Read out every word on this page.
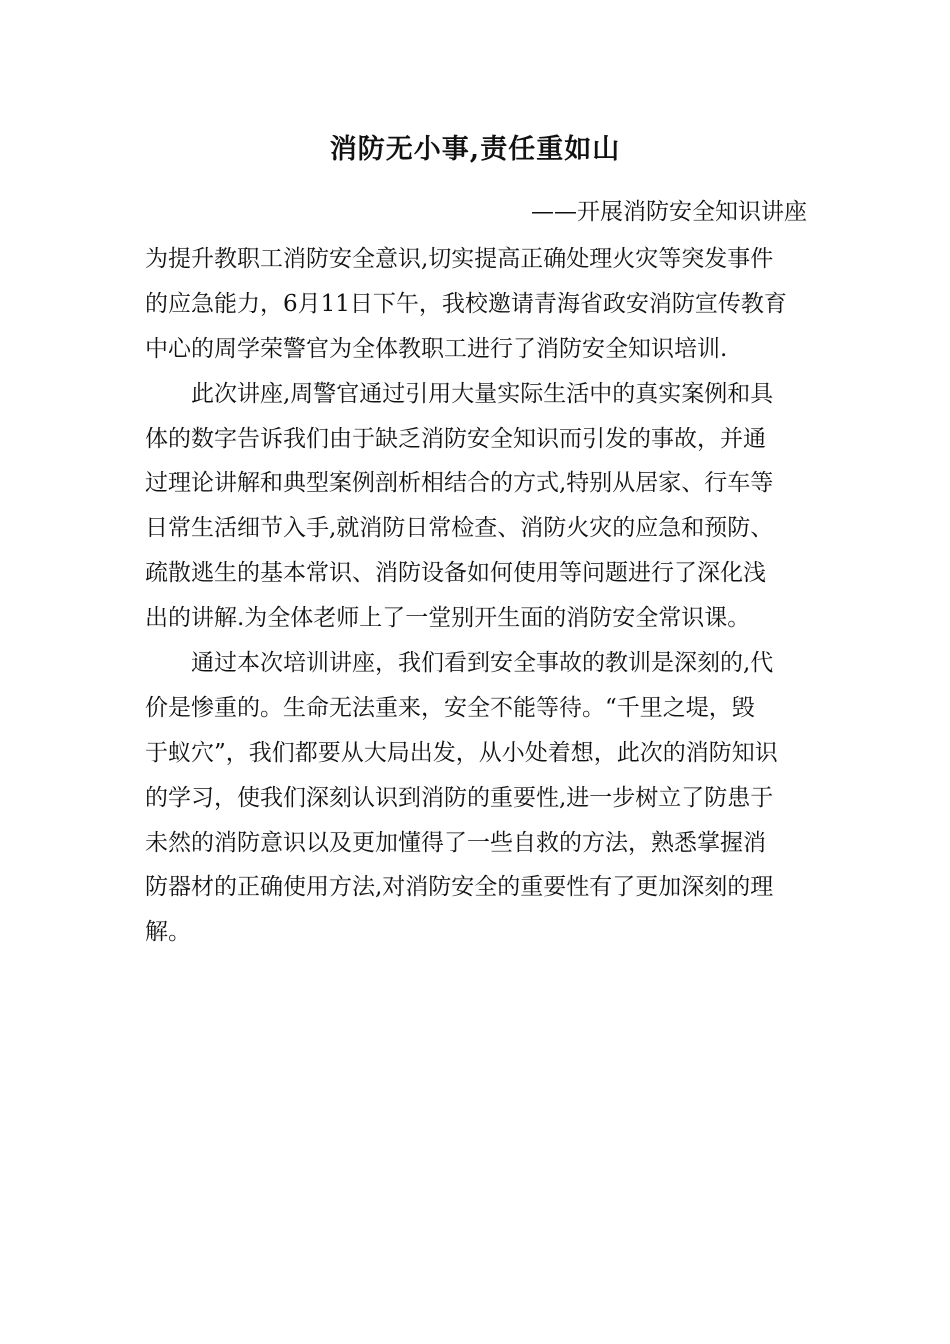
消防无小事,责任重如山
——开展消防安全知识讲座
为提升教职工消防安全意识,切实提高正确处理火灾等突发事件
的应急能力，6月11日下午，我校邀请青海省政安消防宣传教育
中心的周学荣警官为全体教职工进行了消防安全知识培训.
此次讲座,周警官通过引用大量实际生活中的真实案例和具
体的数字告诉我们由于缺乏消防安全知识而引发的事故，并通
过理论讲解和典型案例剖析相结合的方式,特别从居家、行车等
日常生活细节入手,就消防日常检查、消防火灾的应急和预防、
疏散逃生的基本常识、消防设备如何使用等问题进行了深化浅
出的讲解.为全体老师上了一堂别开生面的消防安全常识课。
通过本次培训讲座，我们看到安全事故的教训是深刻的,代
价是惨重的。生命无法重来，安全不能等待。“千里之堤，毁
于蚁穴”，我们都要从大局出发，从小处着想，此次的消防知识
的学习，使我们深刻认识到消防的重要性,进一步树立了防患于
未然的消防意识以及更加懂得了一些自救的方法，熟悉掌握消
防器材的正确使用方法,对消防安全的重要性有了更加深刻的理
解。
